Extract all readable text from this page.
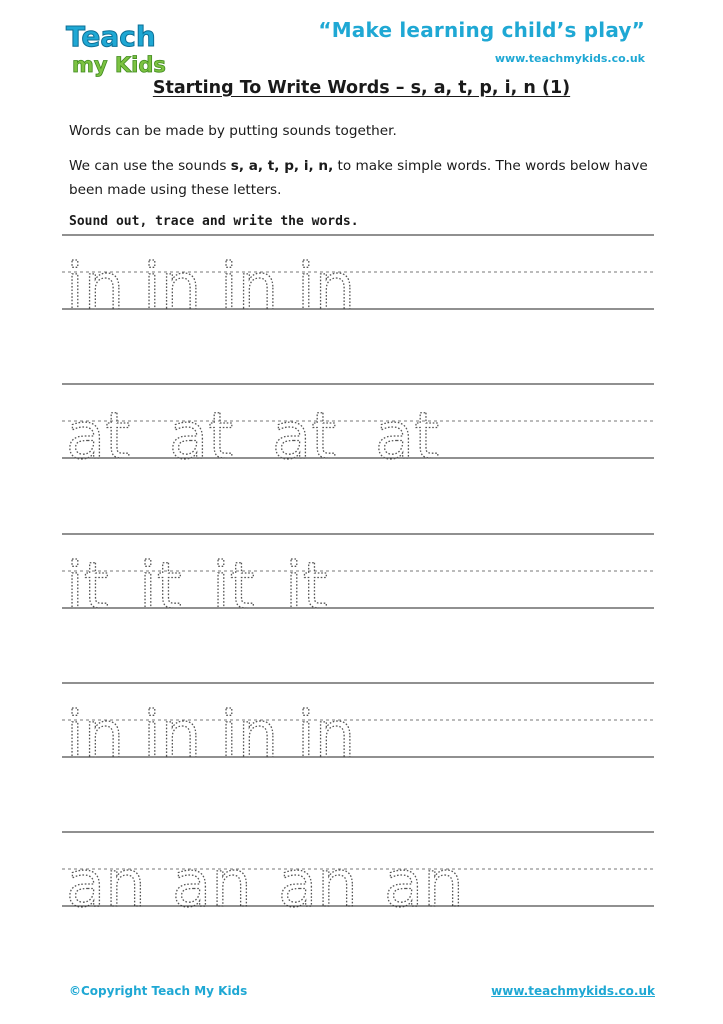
Teach
my Kids
“Make learning child’s play”
www.teachmykids.co.uk
Starting To Write Words – s, a, t, p, i, n (1)
Words can be made by putting sounds together.
We can use the sounds s, a, t, p, i, n, to make simple words. The words below have been made using these letters.
Sound out, trace and write the words.
in in in in
at at at at
it it it it
in in in in
an an an an
©Copyright Teach My Kids	www.teachmykids.co.uk
